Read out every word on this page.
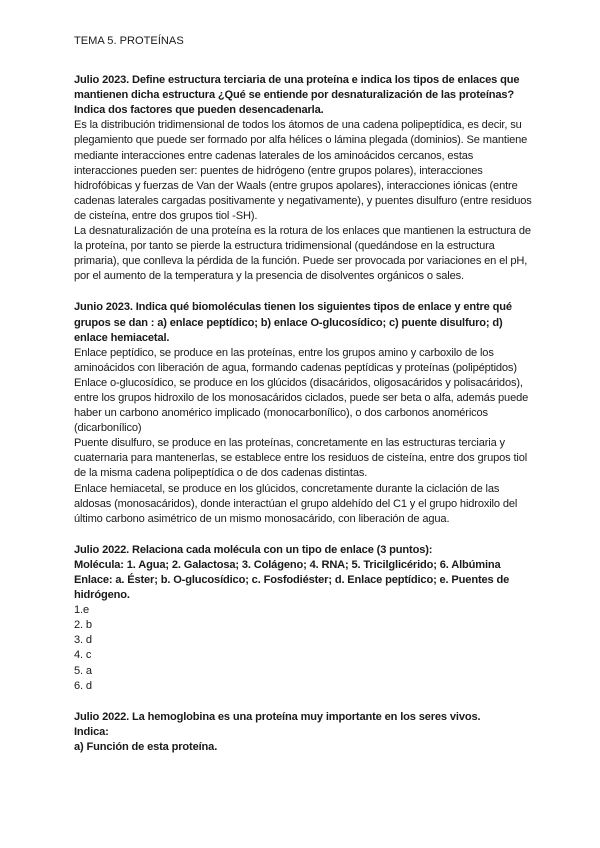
TEMA 5. PROTEÍNAS

Julio 2023. Define estructura terciaria de una proteína e indica los tipos de enlaces que mantienen dicha estructura ¿Qué se entiende por desnaturalización de las proteínas? Indica dos factores que pueden desencadenarla.

Es la distribución tridimensional de todos los átomos de una cadena polipeptídica, es decir, su plegamiento que puede ser formado por alfa hélices o lámina plegada (dominios). Se mantiene mediante interacciones entre cadenas laterales de los aminoácidos cercanos, estas interacciones pueden ser: puentes de hidrógeno (entre grupos polares), interacciones hidrofóbicas y fuerzas de Van der Waals (entre grupos apolares), interacciones iónicas (entre cadenas laterales cargadas positivamente y negativamente), y puentes disulfuro (entre residuos de cisteína, entre dos grupos tiol -SH).

La desnaturalización de una proteína es la rotura de los enlaces que mantienen la estructura de la proteína, por tanto se pierde la estructura tridimensional (quedándose en la estructura primaria), que conlleva la pérdida de la función. Puede ser provocada por variaciones en el pH, por el aumento de la temperatura y la presencia de disolventes orgánicos o sales.

Junio 2023. Indica qué biomoléculas tienen los siguientes tipos de enlace y entre qué grupos se dan : a) enlace peptídico; b) enlace O-glucosídico; c) puente disulfuro; d) enlace hemiacetal.

Enlace peptídico, se produce en las proteínas, entre los grupos amino y carboxilo de los aminoácidos con liberación de agua, formando cadenas peptídicas y proteínas (polipéptidos)

Enlace o-glucosídico, se produce en los glúcidos (disacáridos, oligosacáridos y polisacáridos), entre los grupos hidroxilo de los monosacáridos ciclados, puede ser beta o alfa, además puede haber un carbono anomérico implicado (monocarbonílico), o dos carbonos anoméricos (dicarbonílico)

Puente disulfuro, se produce en las proteínas, concretamente en las estructuras terciaria y cuaternaria para mantenerlas, se establece entre los residuos de cisteína, entre dos grupos tiol de la misma cadena polipeptídica o de dos cadenas distintas.

Enlace hemiacetal, se produce en los glúcidos, concretamente durante la ciclación de las aldosas (monosacáridos), donde interactúan el grupo aldehído del C1 y el grupo hidroxilo del último carbono asimétrico de un mismo monosacárido, con liberación de agua.

Julio 2022. Relaciona cada molécula con un tipo de enlace (3 puntos):

Molécula: 1. Agua; 2. Galactosa; 3. Colágeno; 4. RNA; 5. Tricilglicérido; 6. Albúmina

Enlace: a. Éster; b. O-glucosídico; c. Fosfodiéster; d. Enlace peptídico; e. Puentes de hidrógeno.

1.e

2. b

3. d

4. c

5. a

6. d

Julio 2022. La hemoglobina es una proteína muy importante en los seres vivos.

Indica:

a) Función de esta proteína.
